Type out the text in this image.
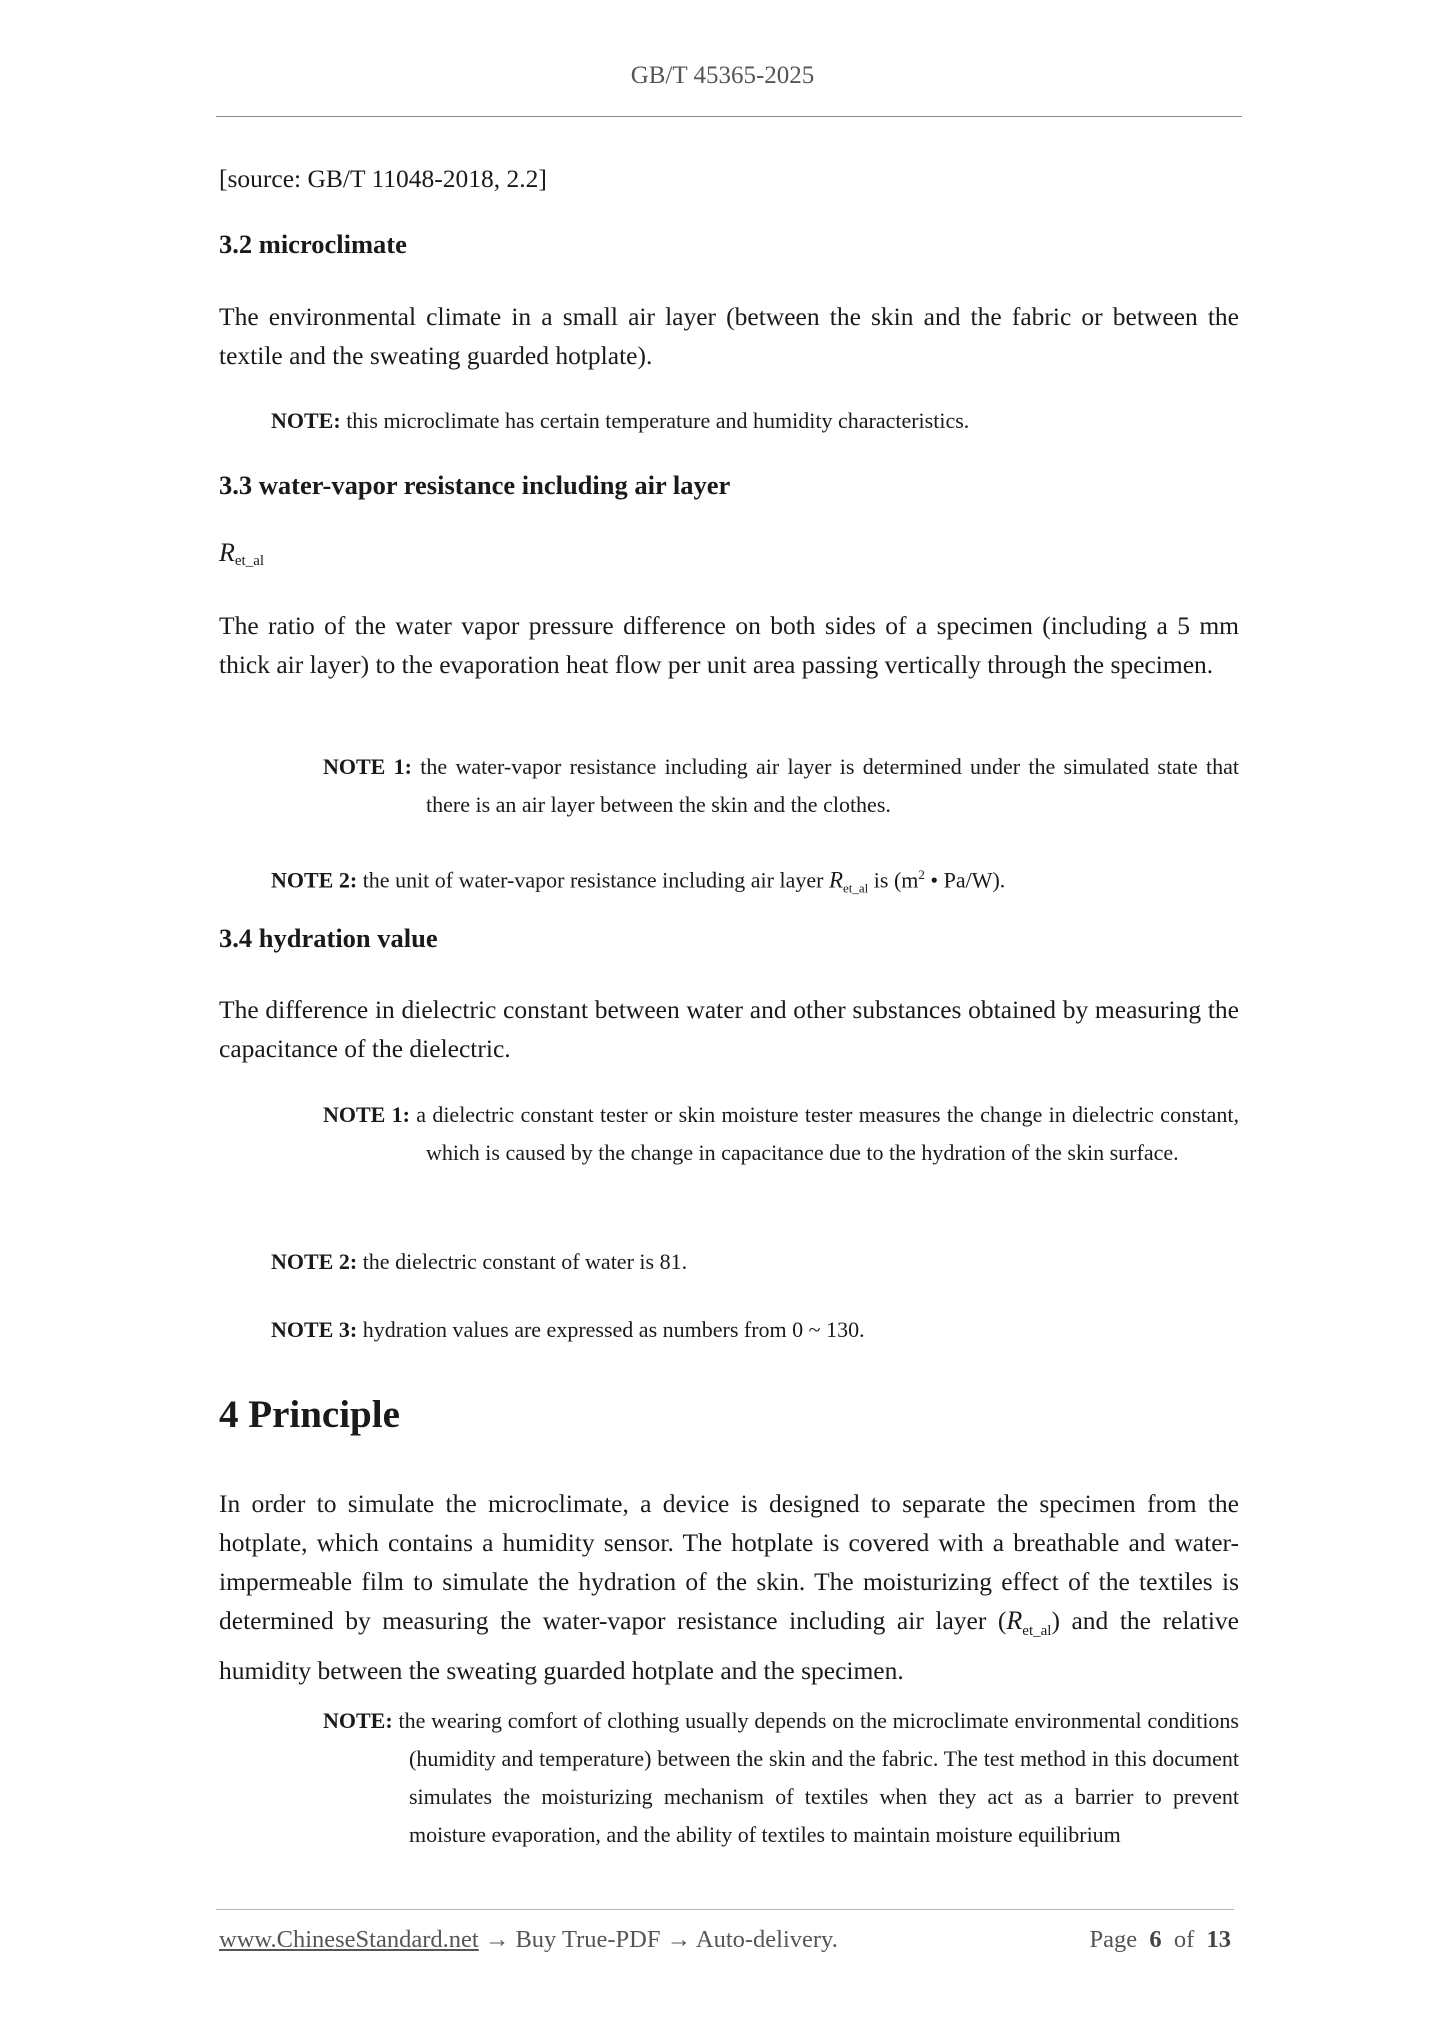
GB/T 45365-2025
[source: GB/T 11048-2018, 2.2]
3.2 microclimate
The environmental climate in a small air layer (between the skin and the fabric or between the textile and the sweating guarded hotplate).
NOTE: this microclimate has certain temperature and humidity characteristics.
3.3 water-vapor resistance including air layer
$R_{et\_al}$
The ratio of the water vapor pressure difference on both sides of a specimen (including a 5 mm thick air layer) to the evaporation heat flow per unit area passing vertically through the specimen.
NOTE 1: the water-vapor resistance including air layer is determined under the simulated state that there is an air layer between the skin and the clothes.
NOTE 2: the unit of water-vapor resistance including air layer $R_{et\_al}$ is ($m^2$ • Pa/W).
3.4 hydration value
The difference in dielectric constant between water and other substances obtained by measuring the capacitance of the dielectric.
NOTE 1: a dielectric constant tester or skin moisture tester measures the change in dielectric constant, which is caused by the change in capacitance due to the hydration of the skin surface.
NOTE 2: the dielectric constant of water is 81.
NOTE 3: hydration values are expressed as numbers from 0 ~ 130.
4 Principle
In order to simulate the microclimate, a device is designed to separate the specimen from the hotplate, which contains a humidity sensor. The hotplate is covered with a breathable and water-impermeable film to simulate the hydration of the skin. The moisturizing effect of the textiles is determined by measuring the water-vapor resistance including air layer $(R_{et\_al})$ and the relative humidity between the sweating guarded hotplate and the specimen.
NOTE: the wearing comfort of clothing usually depends on the microclimate environmental conditions (humidity and temperature) between the skin and the fabric. The test method in this document simulates the moisturizing mechanism of textiles when they act as a barrier to prevent moisture evaporation, and the ability of textiles to maintain moisture equilibrium
www.ChineseStandard.net → Buy True-PDF → Auto-delivery.	Page 6 of 13
